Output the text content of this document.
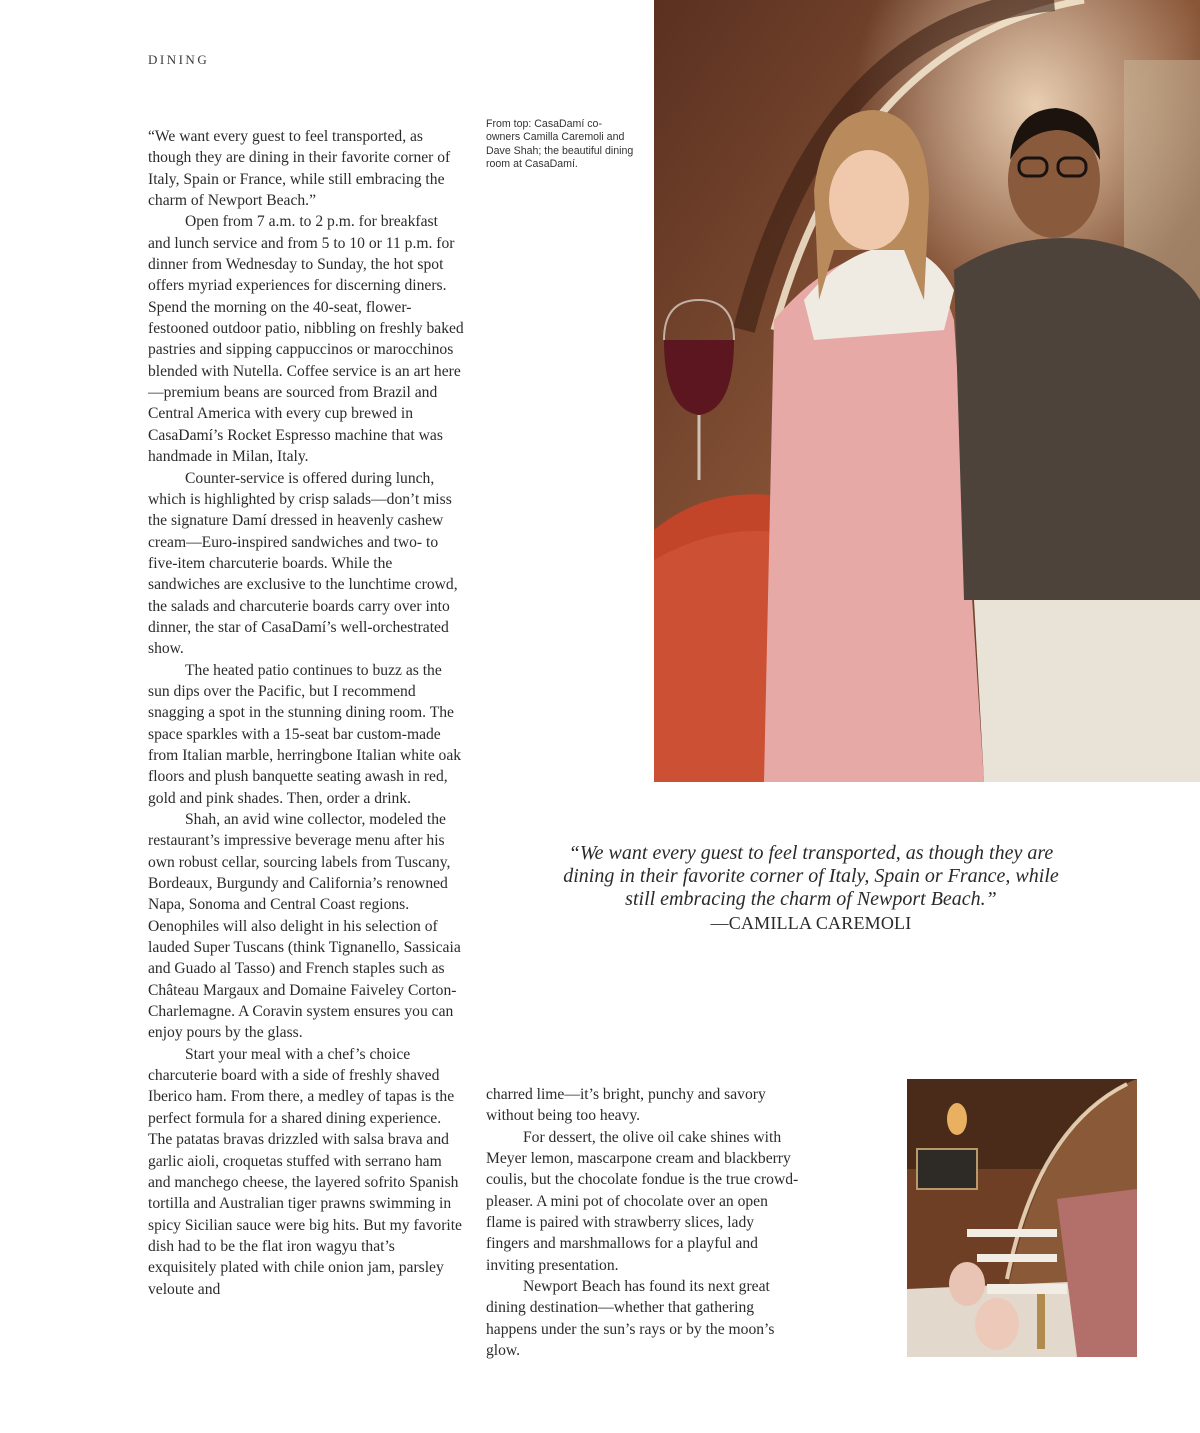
DINING

“We want every guest to feel transported, as though they are dining in their favorite corner of Italy, Spain or France, while still embracing the charm of Newport Beach.”

Open from 7 a.m. to 2 p.m. for breakfast and lunch service and from 5 to 10 or 11 p.m. for dinner from Wednesday to Sunday, the hot spot offers myriad experiences for discerning diners. Spend the morning on the 40-seat, flower-festooned outdoor patio, nibbling on freshly baked pastries and sipping cappuccinos or marocchinos blended with Nutella. Coffee service is an art here—premium beans are sourced from Brazil and Central America with every cup brewed in CasaDamí’s Rocket Espresso machine that was handmade in Milan, Italy.

Counter-service is offered during lunch, which is highlighted by crisp salads—don’t miss the signature Damí dressed in heavenly cashew cream—Euro-inspired sandwiches and two- to five-item charcuterie boards. While the sandwiches are exclusive to the lunchtime crowd, the salads and charcuterie boards carry over into dinner, the star of CasaDamí’s well-orchestrated show.

The heated patio continues to buzz as the sun dips over the Pacific, but I recommend snagging a spot in the stunning dining room. The space sparkles with a 15-seat bar custom-made from Italian marble, herringbone Italian white oak floors and plush banquette seating awash in red, gold and pink shades. Then, order a drink.

Shah, an avid wine collector, modeled the restaurant’s impressive beverage menu after his own robust cellar, sourcing labels from Tuscany, Bordeaux, Burgundy and California’s renowned Napa, Sonoma and Central Coast regions. Oenophiles will also delight in his selection of lauded Super Tuscans (think Tignanello, Sassicaia and Guado al Tasso) and French staples such as Château Margaux and Domaine Faiveley Corton-Charlemagne. A Coravin system ensures you can enjoy pours by the glass.

Start your meal with a chef’s choice charcuterie board with a side of freshly shaved Iberico ham. From there, a medley of tapas is the perfect formula for a shared dining experience. The patatas bravas drizzled with salsa brava and garlic aioli, croquetas stuffed with serrano ham and manchego cheese, the layered sofrito Spanish tortilla and Australian tiger prawns swimming in spicy Sicilian sauce were big hits. But my favorite dish had to be the flat iron wagyu that’s exquisitely plated with chile onion jam, parsley veloute and

From top: CasaDamí co-owners Camilla Caremoli and Dave Shah; the beautiful dining room at CasaDamí.
“We want every guest to feel transported, as though they are dining in their favorite corner of Italy, Spain or France, while still embracing the charm of Newport Beach.”
—CAMILLA CAREMOLI

charred lime—it’s bright, punchy and savory without being too heavy.

For dessert, the olive oil cake shines with Meyer lemon, mascarpone cream and blackberry coulis, but the chocolate fondue is the true crowd-pleaser. A mini pot of chocolate over an open flame is paired with strawberry slices, lady fingers and marshmallows for a playful and inviting presentation.

Newport Beach has found its next great dining destination—whether that gathering happens under the sun’s rays or by the moon’s glow.
